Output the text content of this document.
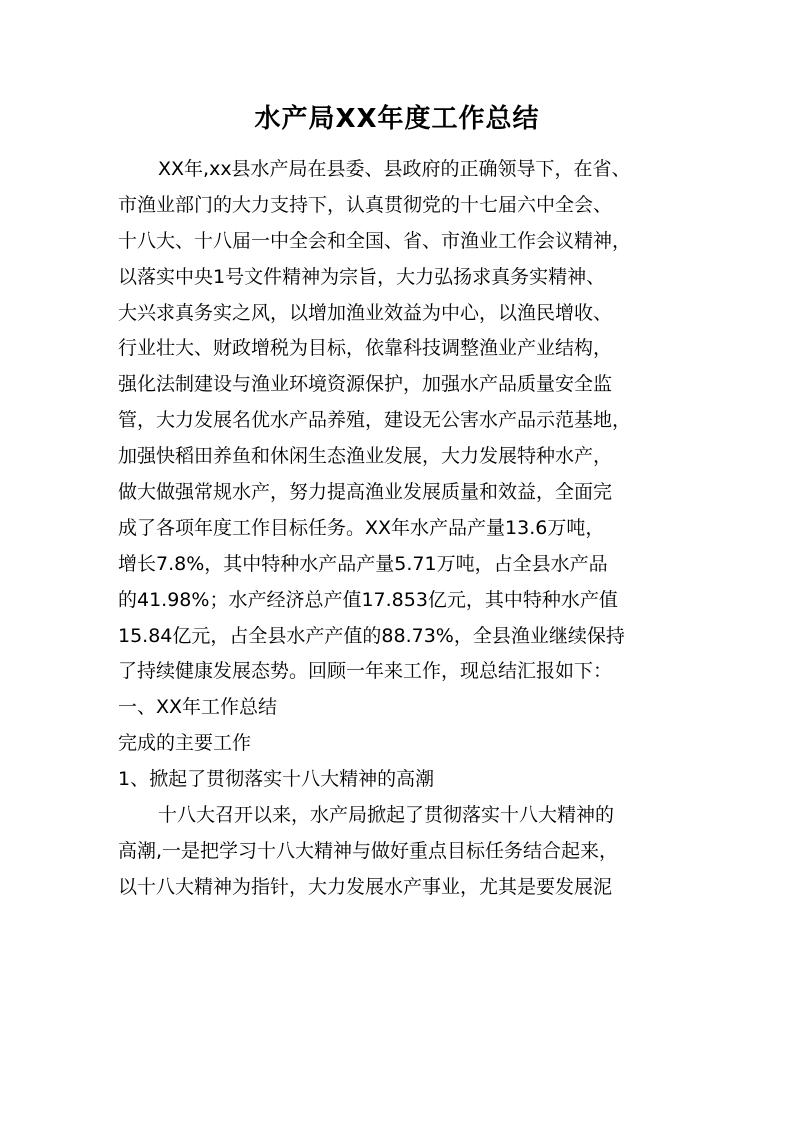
水产局XX年度工作总结
XX年,xx县水产局在县委、县政府的正确领导下，在省、
市渔业部门的大力支持下，认真贯彻党的十七届六中全会、
十八大、十八届一中全会和全国、省、市渔业工作会议精神，
以落实中央1号文件精神为宗旨，大力弘扬求真务实精神、
大兴求真务实之风，以增加渔业效益为中心，以渔民增收、
行业壮大、财政增税为目标，依靠科技调整渔业产业结构，
强化法制建设与渔业环境资源保护，加强水产品质量安全监
管，大力发展名优水产品养殖，建设无公害水产品示范基地，
加强快稻田养鱼和休闲生态渔业发展，大力发展特种水产，
做大做强常规水产，努力提高渔业发展质量和效益，全面完
成了各项年度工作目标任务。XX年水产品产量13.6万吨，
增长7.8%，其中特种水产品产量5.71万吨，占全县水产品
的41.98%；水产经济总产值17.853亿元，其中特种水产值
15.84亿元，占全县水产产值的88.73%，全县渔业继续保持
了持续健康发展态势。回顾一年来工作，现总结汇报如下：
一、XX年工作总结
完成的主要工作
1、掀起了贯彻落实十八大精神的高潮
十八大召开以来，水产局掀起了贯彻落实十八大精神的
高潮,一是把学习十八大精神与做好重点目标任务结合起来，
以十八大精神为指针，大力发展水产事业，尤其是要发展泥
